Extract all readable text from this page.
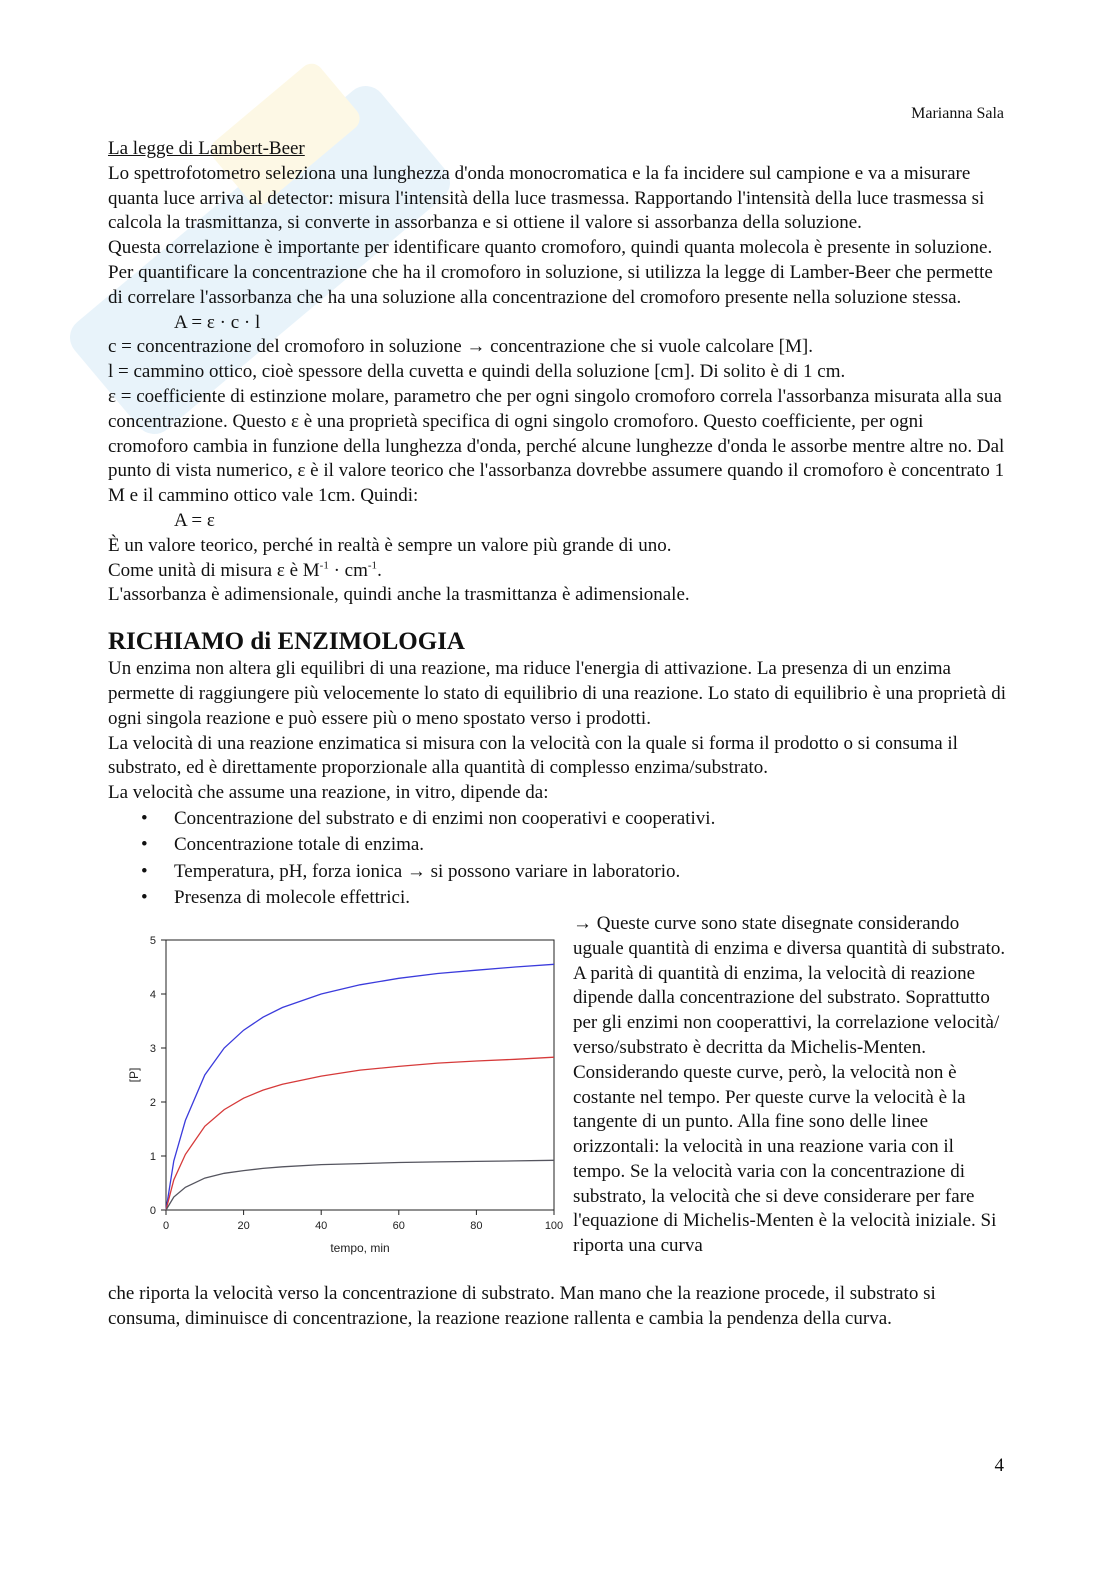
Marianna Sala

La legge di Lambert-Beer

Lo spettrofotometro seleziona una lunghezza d'onda monocromatica e la fa incidere sul campione e va a misurare quanta luce arriva al detector: misura l'intensità della luce trasmessa. Rapportando l'intensità della luce trasmessa si calcola la trasmittanza, si converte in assorbanza e si ottiene il valore si assorbanza della soluzione.

Questa correlazione è importante per identificare quanto cromoforo, quindi quanta molecola è presente in soluzione. Per quantificare la concentrazione che ha il cromoforo in soluzione, si utilizza la legge di Lamber-Beer che permette di correlare l'assorbanza che ha una soluzione alla concentrazione del cromoforo presente nella soluzione stessa.

A = ε · c · l

c = concentrazione del cromoforo in soluzione → concentrazione che si vuole calcolare [M].

l = cammino ottico, cioè spessore della cuvetta e quindi della soluzione [cm]. Di solito è di 1 cm.

ε = coefficiente di estinzione molare, parametro che per ogni singolo cromoforo correla l'assorbanza misurata alla sua concentrazione. Questo ε è una proprietà specifica di ogni singolo cromoforo. Questo coefficiente, per ogni cromoforo cambia in funzione della lunghezza d'onda, perché alcune lunghezze d'onda le assorbe mentre altre no. Dal punto di vista numerico, ε è il valore teorico che l'assorbanza dovrebbe assumere quando il cromoforo è concentrato 1 M e il cammino ottico vale 1cm. Quindi:

A = ε

È un valore teorico, perché in realtà è sempre un valore più grande di uno.

Come unità di misura ε è $M^{-1} \cdot cm^{-1}$.

L'assorbanza è adimensionale, quindi anche la trasmittanza è adimensionale.

RICHIAMO di ENZIMOLOGIA

Un enzima non altera gli equilibri di una reazione, ma riduce l'energia di attivazione. La presenza di un enzima permette di raggiungere più velocemente lo stato di equilibrio di una reazione. Lo stato di equilibrio è una proprietà di ogni singola reazione e può essere più o meno spostato verso i prodotti.

La velocità di una reazione enzimatica si misura con la velocità con la quale si forma il prodotto o si consuma il substrato, ed è direttamente proporzionale alla quantità di complesso enzima/substrato.

La velocità che assume una reazione, in vitro, dipende da:

• Concentrazione del substrato e di enzimi non cooperativi e cooperativi.
• Concentrazione totale di enzima.
• Temperatura, pH, forza ionica → si possono variare in laboratorio.
• Presenza di molecole effettrici.
0
1
2
3
4
5
0	20	40	60	80	100
tempo, min
[P]

→ Queste curve sono state disegnate considerando uguale quantità di enzima e diversa quantità di substrato. A parità di quantità di enzima, la velocità di reazione dipende dalla concentrazione del substrato. Soprattutto per gli enzimi non cooperattivi, la correlazione velocità/ verso/substrato è decritta da Michelis-Menten. Considerando queste curve, però, la velocità non è costante nel tempo. Per queste curve la velocità è la tangente di un punto. Alla fine sono delle linee orizzontali: la velocità in una reazione varia con il tempo. Se la velocità varia con la concentrazione di substrato, la velocità che si deve considerare per fare l'equazione di Michelis-Menten è la velocità iniziale. Si riporta una curva

che riporta la velocità verso la concentrazione di substrato. Man mano che la reazione procede, il substrato si consuma, diminuisce di concentrazione, la reazione reazione rallenta e cambia la pendenza della curva.

4
